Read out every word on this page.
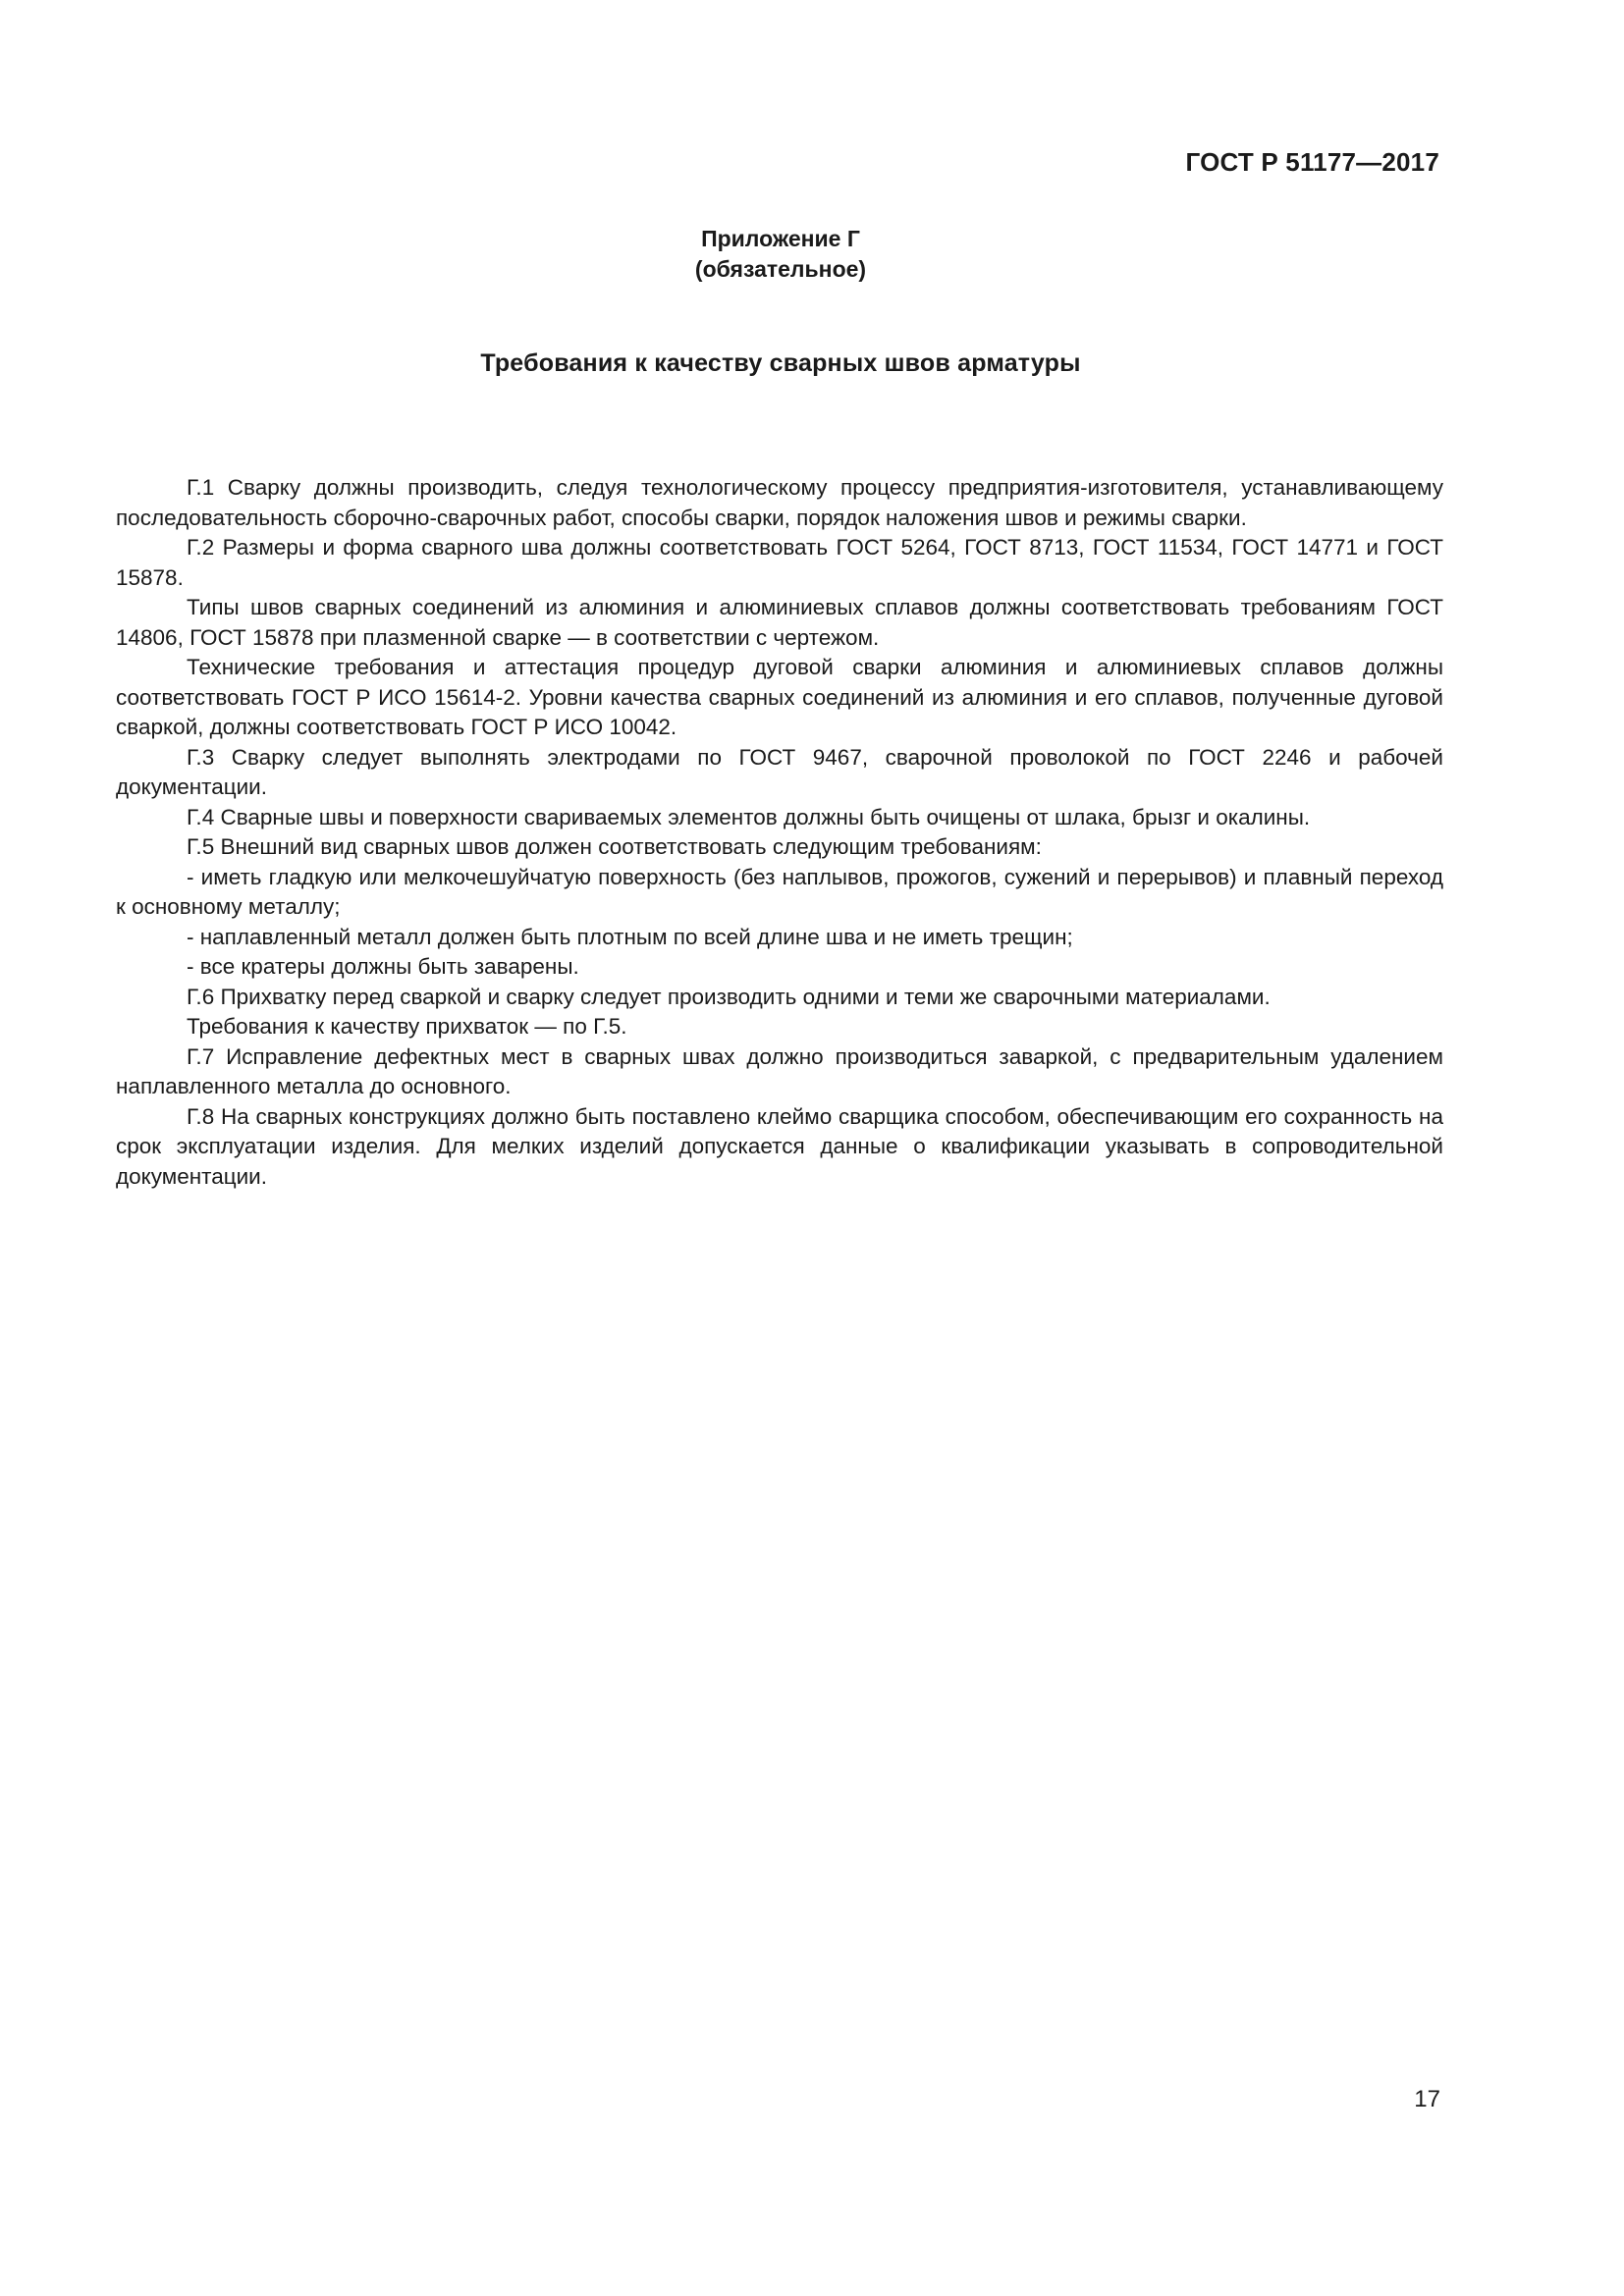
ГОСТ Р 51177—2017
Приложение Г
(обязательное)
Требования к качеству сварных швов арматуры

Г.1 Сварку должны производить, следуя технологическому процессу предприятия-изготовителя, устанавливающему последовательность сборочно-сварочных работ, способы сварки, порядок наложения швов и режимы сварки.

Г.2 Размеры и форма сварного шва должны соответствовать ГОСТ 5264, ГОСТ 8713, ГОСТ 11534, ГОСТ 14771 и ГОСТ 15878.

Типы швов сварных соединений из алюминия и алюминиевых сплавов должны соответствовать требованиям ГОСТ 14806, ГОСТ 15878 при плазменной сварке — в соответствии с чертежом.

Технические требования и аттестация процедур дуговой сварки алюминия и алюминиевых сплавов должны соответствовать ГОСТ Р ИСО 15614-2. Уровни качества сварных соединений из алюминия и его сплавов, полученные дуговой сваркой, должны соответствовать ГОСТ Р ИСО 10042.

Г.3 Сварку следует выполнять электродами по ГОСТ 9467, сварочной проволокой по ГОСТ 2246 и рабочей документации.

Г.4 Сварные швы и поверхности свариваемых элементов должны быть очищены от шлака, брызг и окалины.

Г.5 Внешний вид сварных швов должен соответствовать следующим требованиям:

- иметь гладкую или мелкочешуйчатую поверхность (без наплывов, прожогов, сужений и перерывов) и плавный переход к основному металлу;

- наплавленный металл должен быть плотным по всей длине шва и не иметь трещин;

- все кратеры должны быть заварены.

Г.6 Прихватку перед сваркой и сварку следует производить одними и теми же сварочными материалами.

Требования к качеству прихваток — по Г.5.

Г.7 Исправление дефектных мест в сварных швах должно производиться заваркой, с предварительным удалением наплавленного металла до основного.

Г.8 На сварных конструкциях должно быть поставлено клеймо сварщика способом, обеспечивающим его сохранность на срок эксплуатации изделия. Для мелких изделий допускается данные о квалификации указывать в сопроводительной документации.

17
